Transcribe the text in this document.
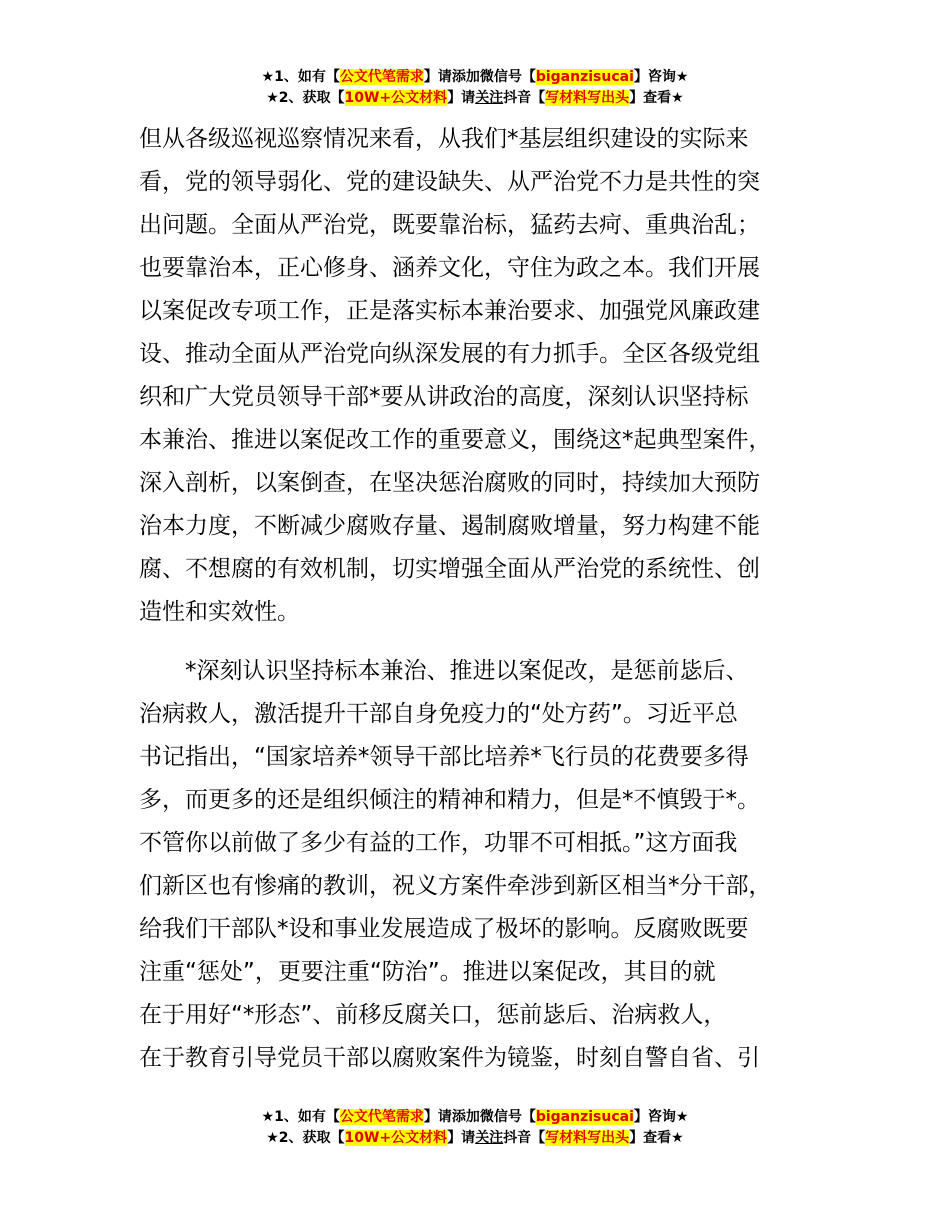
★1、如有【公文代笔需求】请添加微信号【biganzisucai】咨询★
★2、获取【10W+公文材料】请关注抖音【写材料写出头】查看★

但从各级巡视巡察情况来看，从我们*基层组织建设的实际来
看，党的领导弱化、党的建设缺失、从严治党不力是共性的突
出问题。全面从严治党，既要靠治标，猛药去疴、重典治乱；
也要靠治本，正心修身、涵养文化，守住为政之本。我们开展
以案促改专项工作，正是落实标本兼治要求、加强党风廉政建
设、推动全面从严治党向纵深发展的有力抓手。全区各级党组
织和广大党员领导干部*要从讲政治的高度，深刻认识坚持标
本兼治、推进以案促改工作的重要意义，围绕这*起典型案件，
深入剖析，以案倒查，在坚决惩治腐败的同时，持续加大预防
治本力度，不断减少腐败存量、遏制腐败增量，努力构建不能
腐、不想腐的有效机制，切实增强全面从严治党的系统性、创
造性和实效性。

*深刻认识坚持标本兼治、推进以案促改，是惩前毖后、
治病救人，激活提升干部自身免疫力的“处方药”。习近平总
书记指出，“国家培养*领导干部比培养*飞行员的花费要多得
多，而更多的还是组织倾注的精神和精力，但是*不慎毁于*。
不管你以前做了多少有益的工作，功罪不可相抵。”这方面我
们新区也有惨痛的教训，祝义方案件牵涉到新区相当*分干部，
给我们干部队*设和事业发展造成了极坏的影响。反腐败既要
注重“惩处”，更要注重“防治”。推进以案促改，其目的就
在于用好“*形态”、前移反腐关口，惩前毖后、治病救人，
在于教育引导党员干部以腐败案件为镜鉴，时刻自警自省、引

★1、如有【公文代笔需求】请添加微信号【biganzisucai】咨询★
★2、获取【10W+公文材料】请关注抖音【写材料写出头】查看★
